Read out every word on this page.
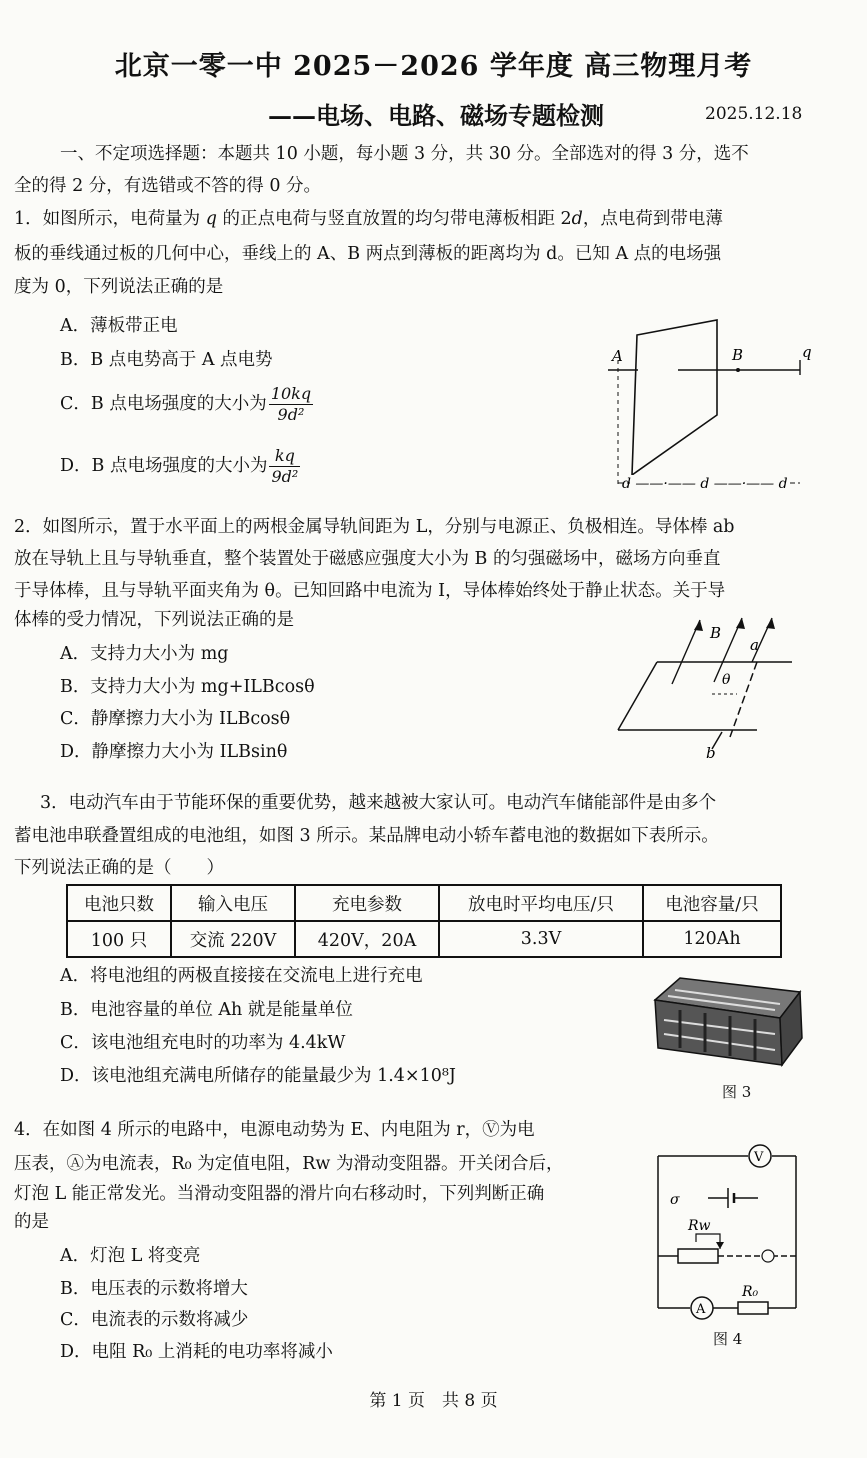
北京一零一中 2025－2026 学年度 高三物理月考
——电场、电路、磁场专题检测	2025.12.18
一、不定项选择题：本题共 10 小题，每小题 3 分，共 30 分。全部选对的得 3 分，选不
全的得 2 分，有选错或不答的得 0 分。
1．如图所示，电荷量为 q 的正点电荷与竖直放置的均匀带电薄板相距 2d，点电荷到带电薄
板的垂线通过板的几何中心，垂线上的 A、B 两点到薄板的距离均为 d。已知 A 点的电场强
度为 0，下列说法正确的是
A．薄板带正电
B．B 点电势高于 A 点电势
C．B 点电场强度的大小为 $\frac{10kq}{\text{9d²}}$
D．B 点电场强度的大小为 $\frac{kq}{\text{9d²}}$
A	B	q
d ——·—— d ——·—— d
2．如图所示，置于水平面上的两根金属导轨间距为 L，分别与电源正、负极相连。导体棒 ab
放在导轨上且与导轨垂直，整个装置处于磁感应强度大小为 B 的匀强磁场中，磁场方向垂直
于导体棒，且与导轨平面夹角为 θ。已知回路中电流为 I，导体棒始终处于静止状态。关于导
体棒的受力情况，下列说法正确的是
A．支持力大小为 mg
B．支持力大小为 mg+ILBcosθ
C．静摩擦力大小为 ILBcosθ
D．静摩擦力大小为 ILBsinθ
B
a
θ
b
3．电动汽车由于节能环保的重要优势，越来越被大家认可。电动汽车储能部件是由多个
蓄电池串联叠置组成的电池组，如图 3 所示。某品牌电动小轿车蓄电池的数据如下表所示。
下列说法正确的是（　　）
电池只数	输入电压	充电参数	放电时平均电压/只	电池容量/只
100 只	交流 220V	420V，20A	3.3V	120Ah
A．将电池组的两极直接接在交流电上进行充电
B．电池容量的单位 Ah 就是能量单位
C．该电池组充电时的功率为 4.4kW
D．该电池组充满电所储存的能量最少为 1.4×10⁸J
图 3
4．在如图 4 所示的电路中，电源电动势为 E、内电阻为 r，Ⓥ为电
压表，Ⓐ为电流表，R₀ 为定值电阻，Rw 为滑动变阻器。开关闭合后，
灯泡 L 能正常发光。当滑动变阻器的滑片向右移动时，下列判断正确
的是
A．灯泡 L 将变亮
B．电压表的示数将增大
C．电流表的示数将减少
D．电阻 R₀ 上消耗的电功率将减小
V
σ
Rw
A
R₀
图 4
第 1 页　共 8 页
